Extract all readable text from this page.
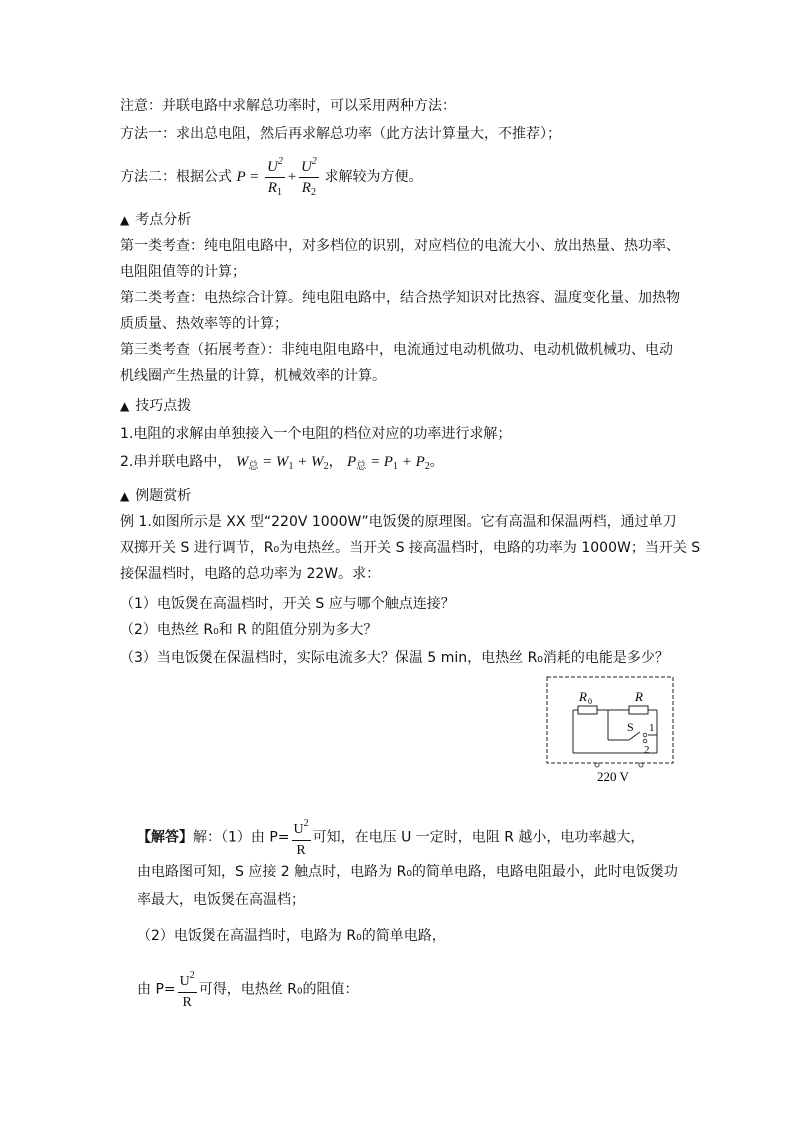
注意：并联电路中求解总功率时，可以采用两种方法：
方法一：求出总电阻，然后再求解总功率（此方法计算量大，不推荐）；
方法二：根据公式 $P = \frac{U^2}{R_1} + \frac{U^2}{R_2}$ 求解较为方便。
▲ 考点分析
第一类考查：纯电阻电路中，对多档位的识别，对应档位的电流大小、放出热量、热功率、
电阻阻值等的计算；
第二类考查：电热综合计算。纯电阻电路中，结合热学知识对比热容、温度变化量、加热物
质质量、热效率等的计算；
第三类考查（拓展考查）：非纯电阻电路中，电流通过电动机做功、电动机做机械功、电动
机线圈产生热量的计算，机械效率的计算。
▲ 技巧点拨
1.电阻的求解由单独接入一个电阻的档位对应的功率进行求解；
2.串并联电路中， $W_总 = W_1 + W_2$， $P_总 = P_1 + P_2$。
▲ 例题赏析
例 1.如图所示是 XX 型“220V 1000W”电饭煲的原理图。它有高温和保温两档，通过单刀
双掷开关 S 进行调节，R₀为电热丝。当开关 S 接高温档时，电路的功率为 1000W；当开关 S
接保温档时，电路的总功率为 22W。求：
（1）电饭煲在高温档时，开关 S 应与哪个触点连接？
（2）电热丝 R₀和 R 的阻值分别为多大？
（3）当电饭煲在保温档时，实际电流多大？保温 5 min，电热丝 R₀消耗的电能是多少？
R 0	R
S 1
2
220 V
【解答】解：（1）由 $P= \frac{U^2}{R}$ 可知，在电压 U 一定时，电阻 R 越小，电功率越大，
由电路图可知，S 应接 2 触点时，电路为 R₀的简单电路，电路电阻最小，此时电饭煲功
率最大，电饭煲在高温档；
（2）电饭煲在高温挡时，电路为 R₀的简单电路，
由 $P= \frac{U^2}{R}$ 可得，电热丝 R₀的阻值：
